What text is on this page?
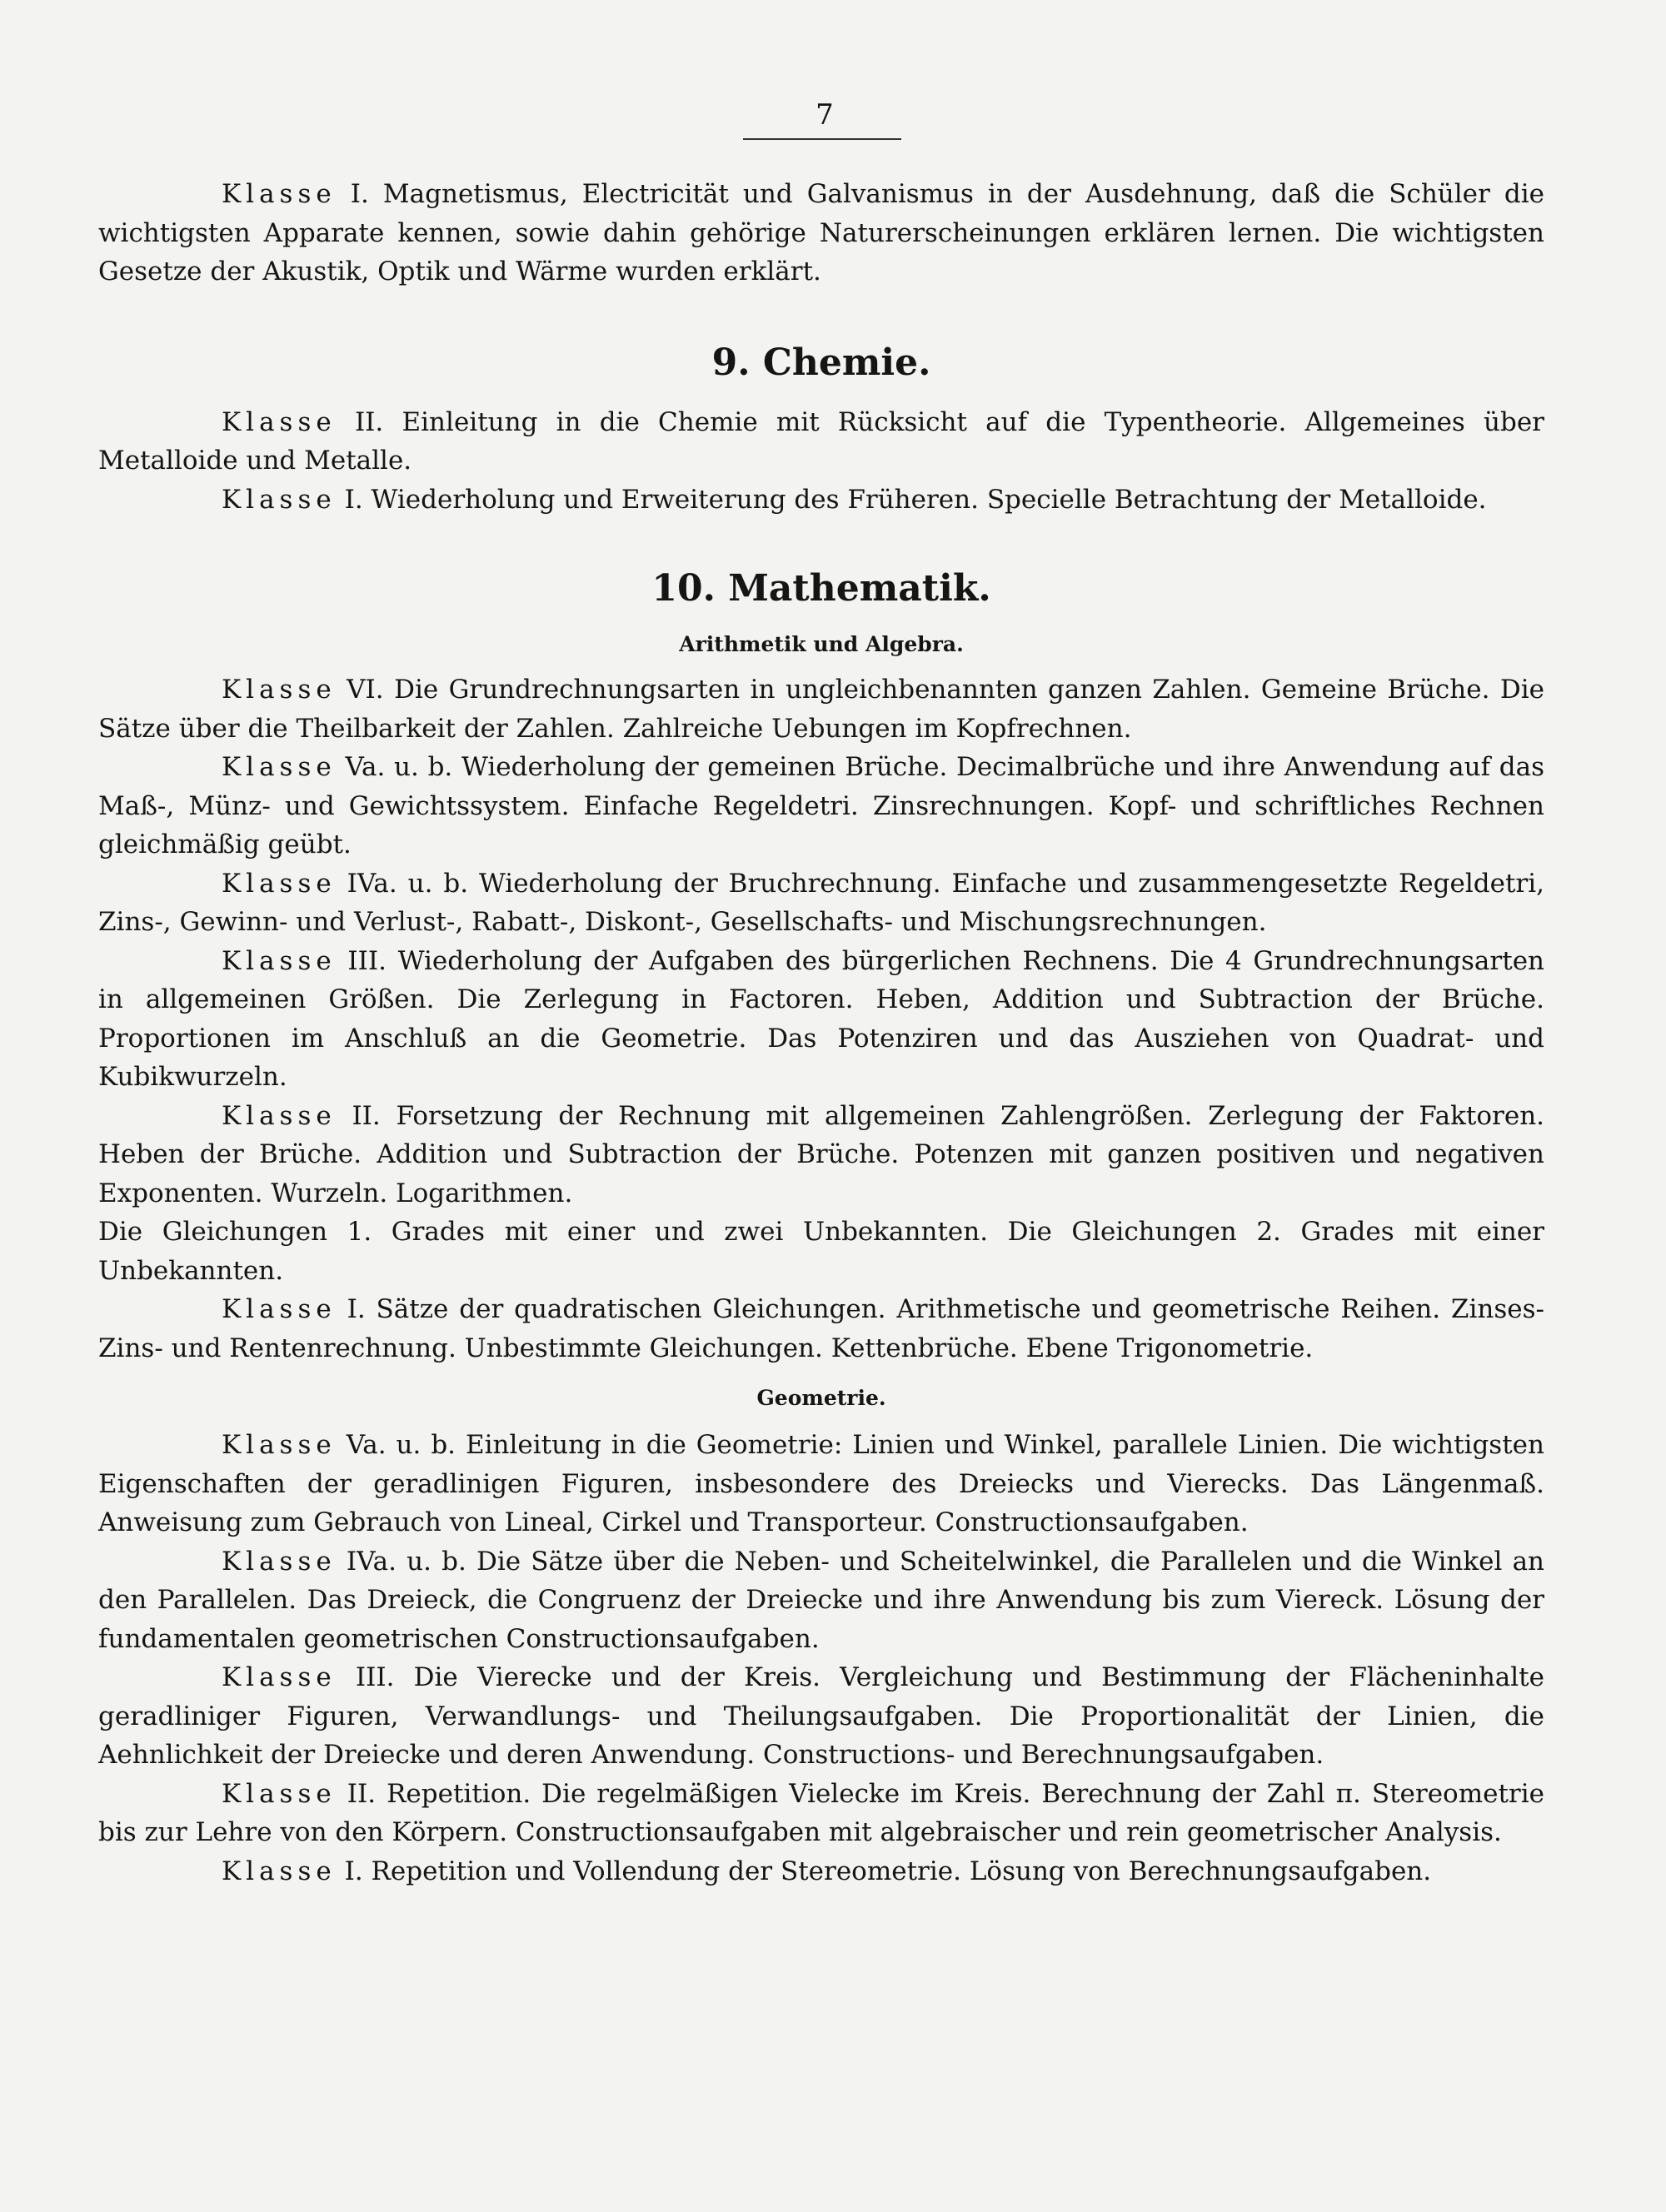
7

Klasse I. Magnetismus, Electricität und Galvanismus in der Ausdehnung, daß die Schüler die wichtigsten Apparate kennen, sowie dahin gehörige Naturerscheinungen erklären lernen. Die wichtigsten Gesetze der Akustik, Optik und Wärme wurden erklärt.

9. Chemie.

Klasse II. Einleitung in die Chemie mit Rücksicht auf die Typentheorie. Allgemeines über Metalloide und Metalle.

Klasse I. Wiederholung und Erweiterung des Früheren. Specielle Betrachtung der Metalloide.

10. Mathematik.
Arithmetik und Algebra.

Klasse VI. Die Grundrechnungsarten in ungleichbenannten ganzen Zahlen. Gemeine Brüche. Die Sätze über die Theilbarkeit der Zahlen. Zahlreiche Uebungen im Kopfrechnen.

Klasse Va. u. b. Wiederholung der gemeinen Brüche. Decimalbrüche und ihre Anwendung auf das Maß-, Münz- und Gewichtssystem. Einfache Regeldetri. Zinsrechnungen. Kopf- und schriftliches Rechnen gleichmäßig geübt.

Klasse IVa. u. b. Wiederholung der Bruchrechnung. Einfache und zusammengesetzte Regeldetri, Zins-, Gewinn- und Verlust-, Rabatt-, Diskont-, Gesellschafts- und Mischungsrechnungen.

Klasse III. Wiederholung der Aufgaben des bürgerlichen Rechnens. Die 4 Grundrechnungsarten in allgemeinen Größen. Die Zerlegung in Factoren. Heben, Addition und Subtraction der Brüche. Proportionen im Anschluß an die Geometrie. Das Potenziren und das Ausziehen von Quadrat- und Kubikwurzeln.

Klasse II. Forsetzung der Rechnung mit allgemeinen Zahlengrößen. Zerlegung der Faktoren. Heben der Brüche. Addition und Subtraction der Brüche. Potenzen mit ganzen positiven und negativen Exponenten. Wurzeln. Logarithmen.

Die Gleichungen 1. Grades mit einer und zwei Unbekannten. Die Gleichungen 2. Grades mit einer Unbekannten.

Klasse I. Sätze der quadratischen Gleichungen. Arithmetische und geometrische Reihen. Zinses-Zins- und Rentenrechnung. Unbestimmte Gleichungen. Kettenbrüche. Ebene Trigonometrie.

Geometrie.

Klasse Va. u. b. Einleitung in die Geometrie: Linien und Winkel, parallele Linien. Die wichtigsten Eigenschaften der geradlinigen Figuren, insbesondere des Dreiecks und Vierecks. Das Längenmaß. Anweisung zum Gebrauch von Lineal, Cirkel und Transporteur. Constructionsaufgaben.

Klasse IVa. u. b. Die Sätze über die Neben- und Scheitelwinkel, die Parallelen und die Winkel an den Parallelen. Das Dreieck, die Congruenz der Dreiecke und ihre Anwendung bis zum Viereck. Lösung der fundamentalen geometrischen Constructionsaufgaben.

Klasse III. Die Vierecke und der Kreis. Vergleichung und Bestimmung der Flächeninhalte geradliniger Figuren, Verwandlungs- und Theilungsaufgaben. Die Proportionalität der Linien, die Aehnlichkeit der Dreiecke und deren Anwendung. Constructions- und Berechnungsaufgaben.

Klasse II. Repetition. Die regelmäßigen Vielecke im Kreis. Berechnung der Zahl π. Stereometrie bis zur Lehre von den Körpern. Constructionsaufgaben mit algebraischer und rein geometrischer Analysis.

Klasse I. Repetition und Vollendung der Stereometrie. Lösung von Berechnungsaufgaben.
